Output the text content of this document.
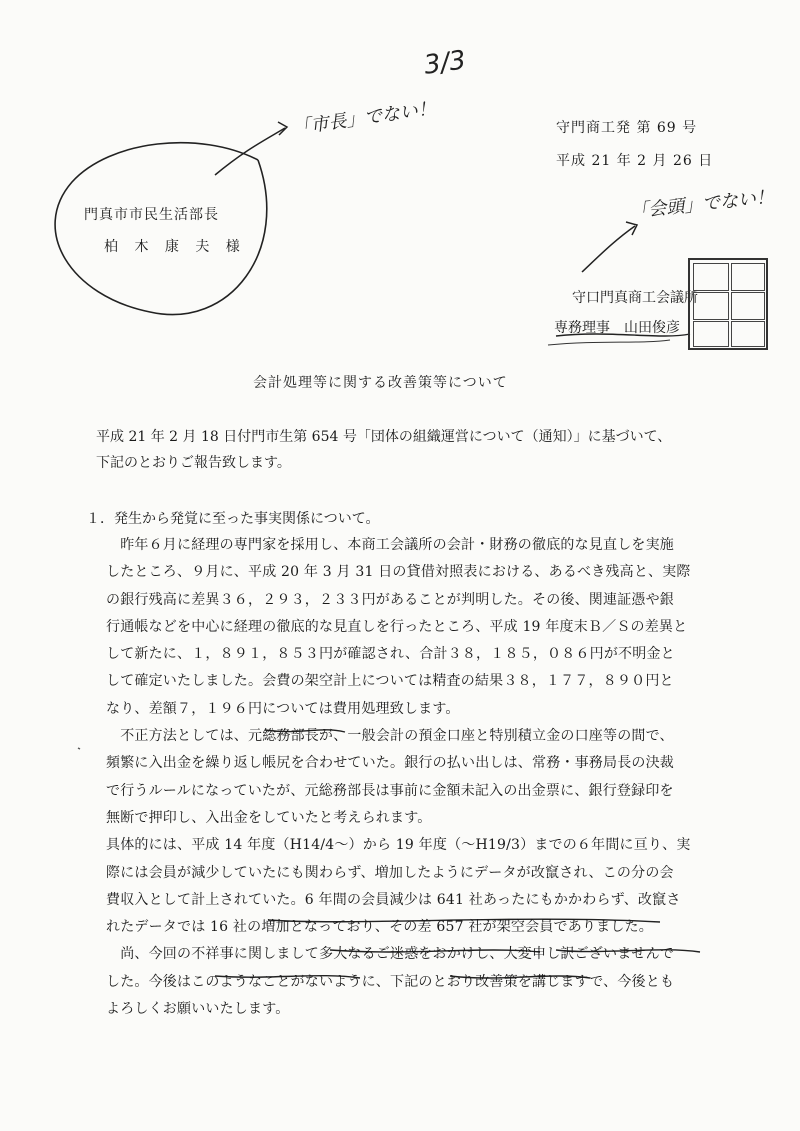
3/3
「市長」でない！
「会頭」でない！
守門商工発 第 69 号
平成 21 年 2 月 26 日
門真市市民生活部長
柏 木 康 夫 様
守口門真商工会議所
専務理事　山田俊彦
会計処理等に関する改善策等について

平成 21 年 2 月 18 日付門市生第 654 号「団体の組織運営について（通知）」に基づいて、

下記のとおりご報告致します。

１．発生から発覚に至った事実関係について。

　昨年６月に経理の専門家を採用し、本商工会議所の会計・財務の徹底的な見直しを実施

したところ、９月に、平成 20 年 3 月 31 日の貸借対照表における、あるべき残高と、実際

の銀行残高に差異３６，２９３，２３３円があることが判明した。その後、関連証憑や銀

行通帳などを中心に経理の徹底的な見直しを行ったところ、平成 19 年度末Ｂ／Ｓの差異と

して新たに、１，８９１，８５３円が確認され、合計３８，１８５，０８６円が不明金と

して確定いたしました。会費の架空計上については精査の結果３８，１７７，８９０円と

なり、差額７，１９６円については費用処理致します。

　不正方法としては、元総務部長が、一般会計の預金口座と特別積立金の口座等の間で、

頻繁に入出金を繰り返し帳尻を合わせていた。銀行の払い出しは、常務・事務局長の決裁

で行うルールになっていたが、元総務部長は事前に金額未記入の出金票に、銀行登録印を

無断で押印し、入出金をしていたと考えられます。

具体的には、平成 14 年度（H14/4～）から 19 年度（～H19/3）までの６年間に亘り、実

際には会員が減少していたにも関わらず、増加したようにデータが改竄され、この分の会

費収入として計上されていた。6 年間の会員減少は 641 社あったにもかかわらず、改竄さ

れたデータでは 16 社の増加となっており、その差 657 社が架空会員でありました。

　尚、今回の不祥事に関しまして多大なるご迷惑をおかけし、大変申し訳ございませんで

した。今後はこのようなことがないように、下記のとおり改善策を講じますで、今後とも

よろしくお願いいたします。
